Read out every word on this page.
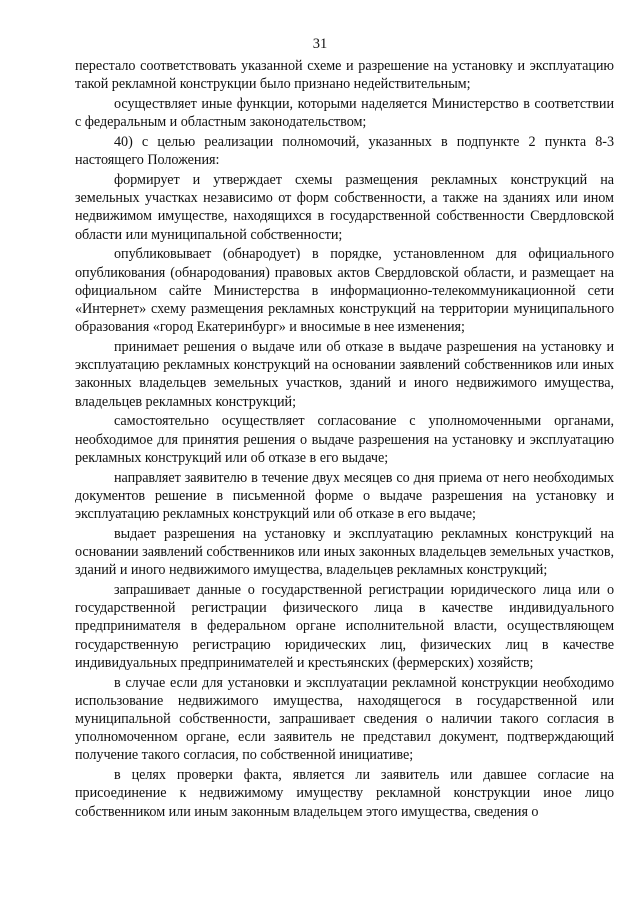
31

перестало соответствовать указанной схеме и разрешение на установку и эксплуатацию такой рекламной конструкции было признано недействительным;

осуществляет иные функции, которыми наделяется Министерство в соответствии с федеральным и областным законодательством;

40) с целью реализации полномочий, указанных в подпункте 2 пункта 8-3 настоящего Положения:

формирует и утверждает схемы размещения рекламных конструкций на земельных участках независимо от форм собственности, а также на зданиях или ином недвижимом имуществе, находящихся в государственной собственности Свердловской области или муниципальной собственности;

опубликовывает (обнародует) в порядке, установленном для официального опубликования (обнародования) правовых актов Свердловской области, и размещает на официальном сайте Министерства в информационно-телекоммуникационной сети «Интернет» схему размещения рекламных конструкций на территории муниципального образования «город Екатеринбург» и вносимые в нее изменения;

принимает решения о выдаче или об отказе в выдаче разрешения на установку и эксплуатацию рекламных конструкций на основании заявлений собственников или иных законных владельцев земельных участков, зданий и иного недвижимого имущества, владельцев рекламных конструкций;

самостоятельно осуществляет согласование с уполномоченными органами, необходимое для принятия решения о выдаче разрешения на установку и эксплуатацию рекламных конструкций или об отказе в его выдаче;

направляет заявителю в течение двух месяцев со дня приема от него необходимых документов решение в письменной форме о выдаче разрешения на установку и эксплуатацию рекламных конструкций или об отказе в его выдаче;

выдает разрешения на установку и эксплуатацию рекламных конструкций на основании заявлений собственников или иных законных владельцев земельных участков, зданий и иного недвижимого имущества, владельцев рекламных конструкций;

запрашивает данные о государственной регистрации юридического лица или о государственной регистрации физического лица в качестве индивидуального предпринимателя в федеральном органе исполнительной власти, осуществляющем государственную регистрацию юридических лиц, физических лиц в качестве индивидуальных предпринимателей и крестьянских (фермерских) хозяйств;

в случае если для установки и эксплуатации рекламной конструкции необходимо использование недвижимого имущества, находящегося в государственной или муниципальной собственности, запрашивает сведения о наличии такого согласия в уполномоченном органе, если заявитель не представил документ, подтверждающий получение такого согласия, по собственной инициативе;

в целях проверки факта, является ли заявитель или давшее согласие на присоединение к недвижимому имуществу рекламной конструкции иное лицо собственником или иным законным владельцем этого имущества, сведения о
